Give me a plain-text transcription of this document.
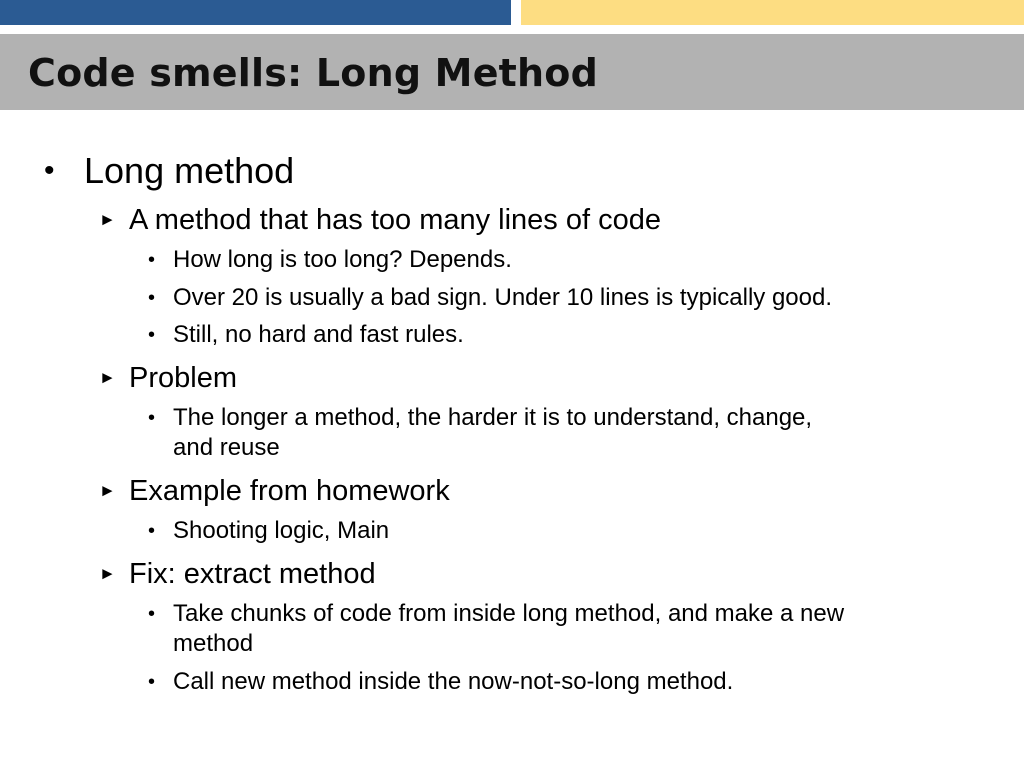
Code smells: Long Method
• Long method

► A method that has too many lines of code

• How long is too long? Depends.

• Over 20 is usually a bad sign. Under 10 lines is typically good.

• Still, no hard and fast rules.

► Problem

• The longer a method, the harder it is to understand, change,

and reuse

► Example from homework

• Shooting logic, Main

► Fix: extract method

• Take chunks of code from inside long method, and make a new

method

• Call new method inside the now-not-so-long method.
